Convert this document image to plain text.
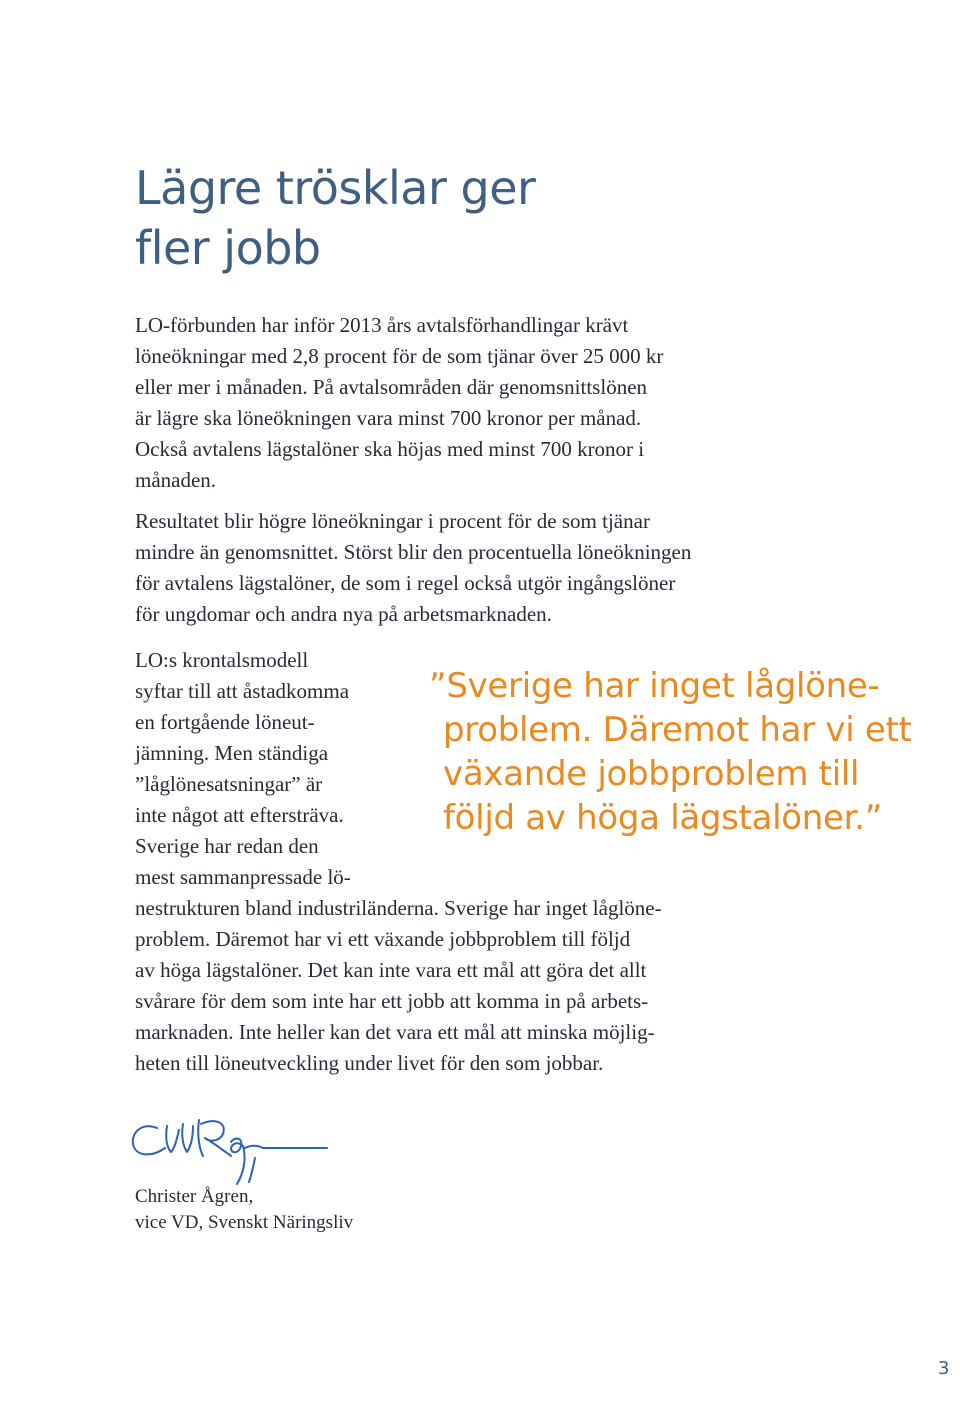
Lägre trösklar ger
fler jobb
LO-förbunden har inför 2013 års avtalsförhandlingar krävt
löneökningar med 2,8 procent för de som tjänar över 25 000 kr
eller mer i månaden. På avtalsområden där genomsnittslönen
är lägre ska löneökningen vara minst 700 kronor per månad.
Också avtalens lägstalöner ska höjas med minst 700 kronor i
månaden.
Resultatet blir högre löneökningar i procent för de som tjänar
mindre än genomsnittet. Störst blir den procentuella löneökningen
för avtalens lägstalöner, de som i regel också utgör ingångslöner
för ungdomar och andra nya på arbetsmarknaden.
LO:s krontalsmodell
syftar till att åstadkomma
en fortgående löneut-
jämning. Men ständiga
”låglönesatsningar” är
inte något att eftersträva.
Sverige har redan den
mest sammanpressade lö-
nestrukturen bland industriländerna. Sverige har inget låglöne-
problem. Däremot har vi ett växande jobbproblem till följd
av höga lägstalöner. Det kan inte vara ett mål att göra det allt
svårare för dem som inte har ett jobb att komma in på arbets-
marknaden. Inte heller kan det vara ett mål att minska möjlig-
heten till löneutveckling under livet för den som jobbar.
”Sverige har inget låglöne-
problem. Däremot har vi ett
växande jobbproblem till
följd av höga lägstalöner.”
Christer Ågren,
vice VD, Svenskt Näringsliv
3
